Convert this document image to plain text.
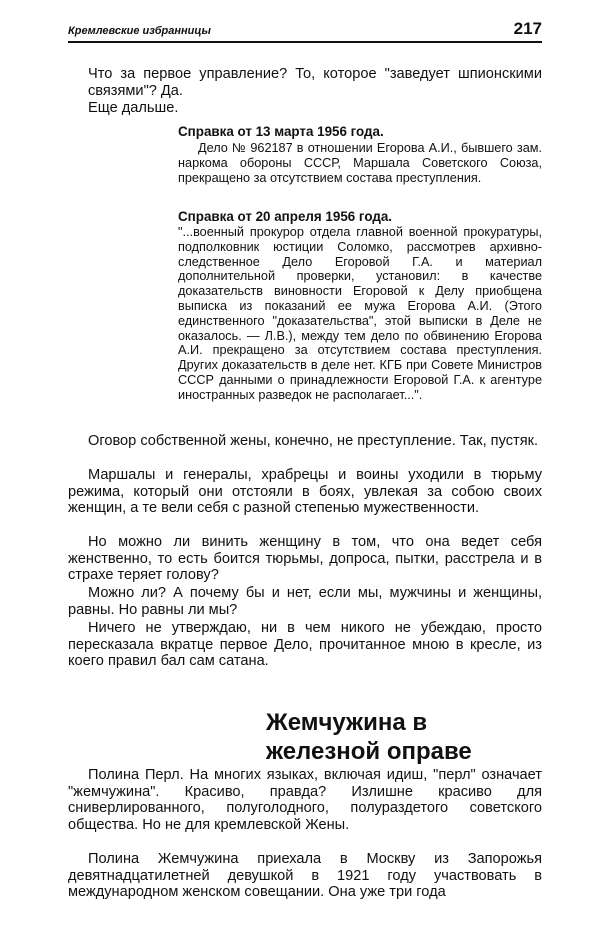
Кремлевские избранницы	217

Что за первое управление? То, которое "заведует шпионскими связями"? Да.

Еще дальше.

Справка от 13 марта 1956 года.

Дело № 962187 в отношении Егорова А.И., бывшего зам. наркома обороны СССР, Маршала Советского Союза, прекращено за отсутствием состава преступления.

Справка от 20 апреля 1956 года.

"...военный прокурор отдела главной военной прокуратуры, подполковник юстиции Соломко, рассмотрев архивно-следственное Дело Егоровой Г.А. и материал дополнительной проверки, установил: в качестве доказательств виновности Егоровой к Делу приобщена выписка из показаний ее мужа Егорова А.И. (Этого единственного "доказательства", этой выписки в Деле не оказалось. — Л.В.), между тем дело по обвинению Егорова А.И. прекращено за отсутствием состава преступления. Других доказательств в деле нет. КГБ при Совете Министров СССР данными о принадлежности Егоровой Г.А. к агентуре иностранных разведок не располагает...".

Оговор собственной жены, конечно, не преступление. Так, пустяк.

Маршалы и генералы, храбрецы и воины уходили в тюрьму режима, который они отстояли в боях, увлекая за собою своих женщин, а те вели себя с разной степенью мужественности.

Но можно ли винить женщину в том, что она ведет себя женственно, то есть боится тюрьмы, допроса, пытки, расстрела и в страхе теряет голову?

Можно ли? А почему бы и нет, если мы, мужчины и женщины, равны. Но равны ли мы?

Ничего не утверждаю, ни в чем никого не убеждаю, просто пересказала вкратце первое Дело, прочитанное мною в кресле, из коего правил бал сам сатана.

Жемчужина в
железной оправе

Полина Перл. На многих языках, включая идиш, "перл" означает "жемчужина". Красиво, правда? Излишне красиво для сниверлированного, полуголодного, полураздетого советского общества. Но не для кремлевской Жены.

Полина Жемчужина приехала в Москву из Запорожья девятнадцатилетней девушкой в 1921 году участвовать в международном женском совещании. Она уже три года
